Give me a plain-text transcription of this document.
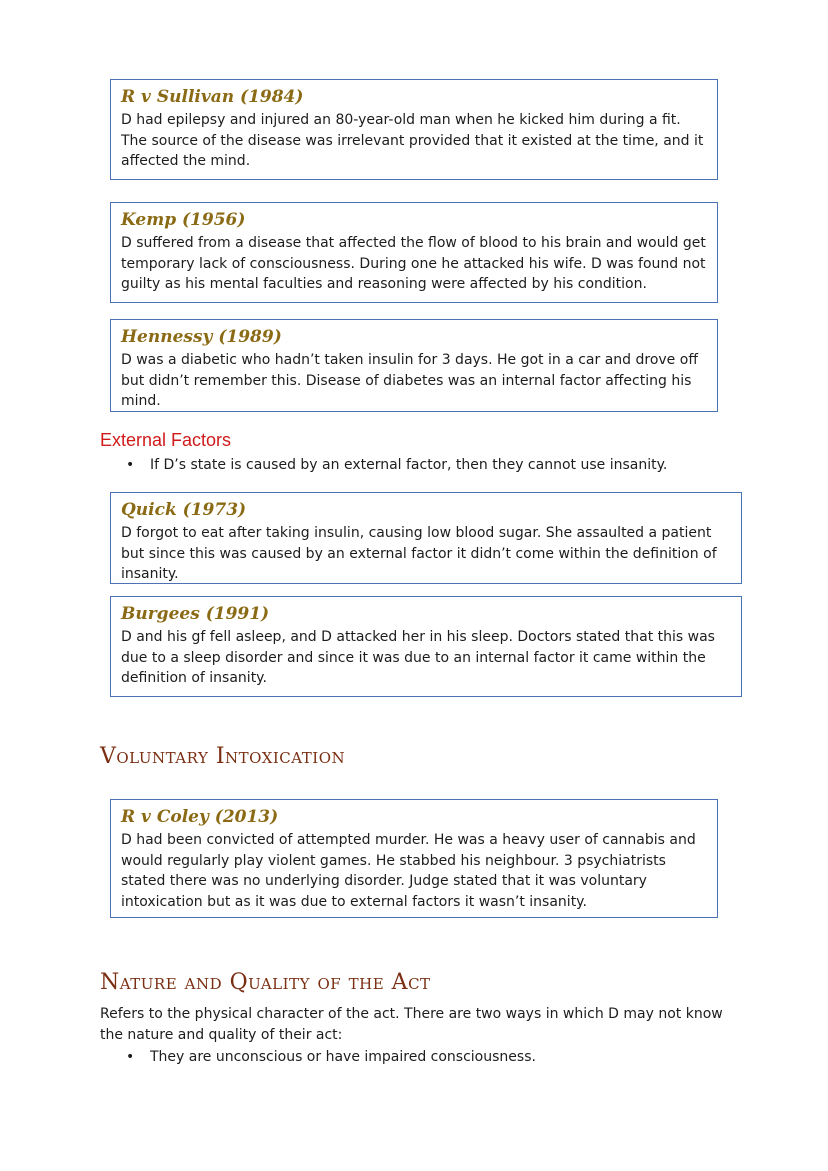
R v Sullivan (1984)
D had epilepsy and injured an 80-year-old man when he kicked him during a fit. The source of the disease was irrelevant provided that it existed at the time, and it affected the mind.
Kemp (1956)
D suffered from a disease that affected the flow of blood to his brain and would get temporary lack of consciousness. During one he attacked his wife. D was found not guilty as his mental faculties and reasoning were affected by his condition.
Hennessy (1989)
D was a diabetic who hadn’t taken insulin for 3 days. He got in a car and drove off but didn’t remember this. Disease of diabetes was an internal factor affecting his mind.
External Factors
• If D’s state is caused by an external factor, then they cannot use insanity.
Quick (1973)
D forgot to eat after taking insulin, causing low blood sugar. She assaulted a patient but since this was caused by an external factor it didn’t come within the definition of insanity.
Burgees (1991)
D and his gf fell asleep, and D attacked her in his sleep. Doctors stated that this was due to a sleep disorder and since it was due to an internal factor it came within the definition of insanity.
Voluntary Intoxication
R v Coley (2013)
D had been convicted of attempted murder. He was a heavy user of cannabis and would regularly play violent games. He stabbed his neighbour. 3 psychiatrists stated there was no underlying disorder. Judge stated that it was voluntary intoxication but as it was due to external factors it wasn’t insanity.
Nature and Quality of the Act
Refers to the physical character of the act. There are two ways in which D may not know the nature and quality of their act:
• They are unconscious or have impaired consciousness.
